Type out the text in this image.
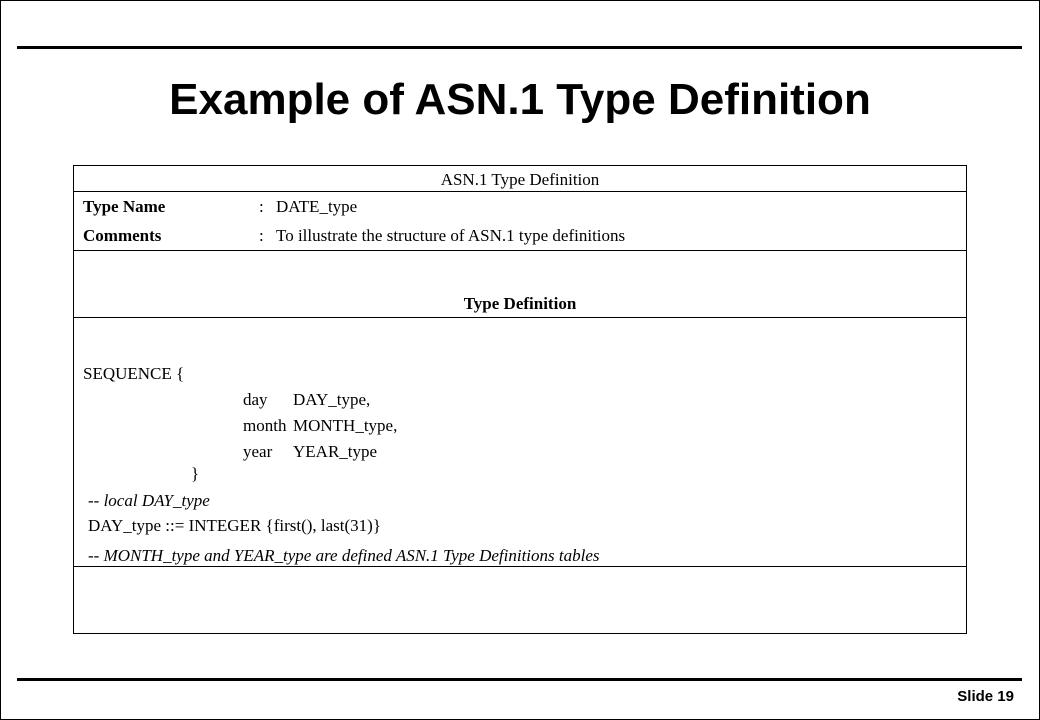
Example of ASN.1 Type Definition
ASN.1 Type Definition
Type Name	: DATE_type
Comments	: To illustrate the structure of ASN.1 type definitions
Type Definition
SEQUENCE {
day DAY_type,
month MONTH_type,
year YEAR_type
}
-- local DAY_type
DAY_type ::= INTEGER {first(), last(31)}
-- MONTH_type and YEAR_type are defined ASN.1 Type Definitions tables
Slide 19
